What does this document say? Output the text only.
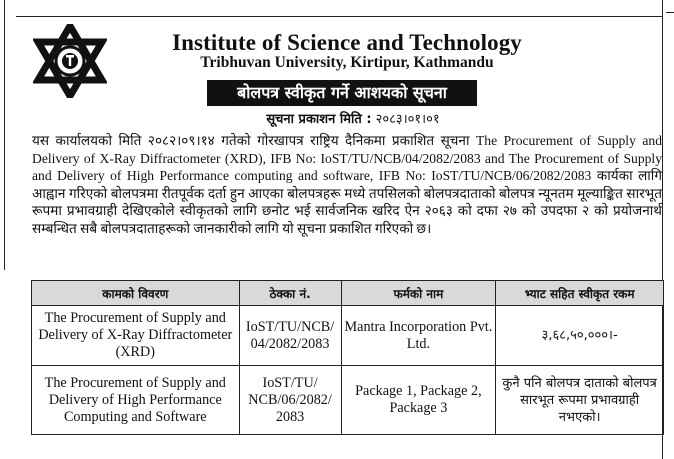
Institute of Science and Technology
Tribhuvan University, Kirtipur, Kathmandu
बोलपत्र स्वीकृत गर्ने आशयको सूचना
सूचना प्रकाशन मिति : २०८३।०१।०१
यस कार्यालयको मिति २०८२।०९।१४ गतेको गोरखापत्र राष्ट्रिय दैनिकमा प्रकाशित सूचना The Procurement of Supply and Delivery of X-Ray Diffractometer (XRD), IFB No: IoST/TU/NCB/04/2082/2083 and The Procurement of Supply and Delivery of High Performance computing and software, IFB No: IoST/TU/NCB/06/2082/2083 कार्यका लागि आह्वान गरिएको बोलपत्रमा रीतपूर्वक दर्ता हुन आएका बोलपत्रहरू मध्ये तपसिलको बोलपत्रदाताको बोलपत्र न्यूनतम मूल्याङ्कित सारभूत रूपमा प्रभावग्राही देखिएकोले स्वीकृतको लागि छनोट भई सार्वजनिक खरिद ऐन २०६३ को दफा २७ को उपदफा २ को प्रयोजनार्थ सम्बन्धित सबै बोलपत्रदाताहरूको जानकारीको लागि यो सूचना प्रकाशित गरिएको छ।
कामको विवरण	ठेक्का नं.	फर्मको नाम	भ्याट सहित स्वीकृत रकम
The Procurement of Supply and Delivery of X-Ray Diffractometer (XRD)	IoST/TU/NCB/ 04/2082/2083	Mantra Incorporation Pvt. Ltd.	३,६८,५०,०००।-
The Procurement of Supply and Delivery of High Performance Computing and Software	IoST/TU/ NCB/06/2082/ 2083	Package 1, Package 2, Package 3	कुनै पनि बोलपत्र दाताको बोलपत्र सारभूत रूपमा प्रभावग्राही नभएको।
